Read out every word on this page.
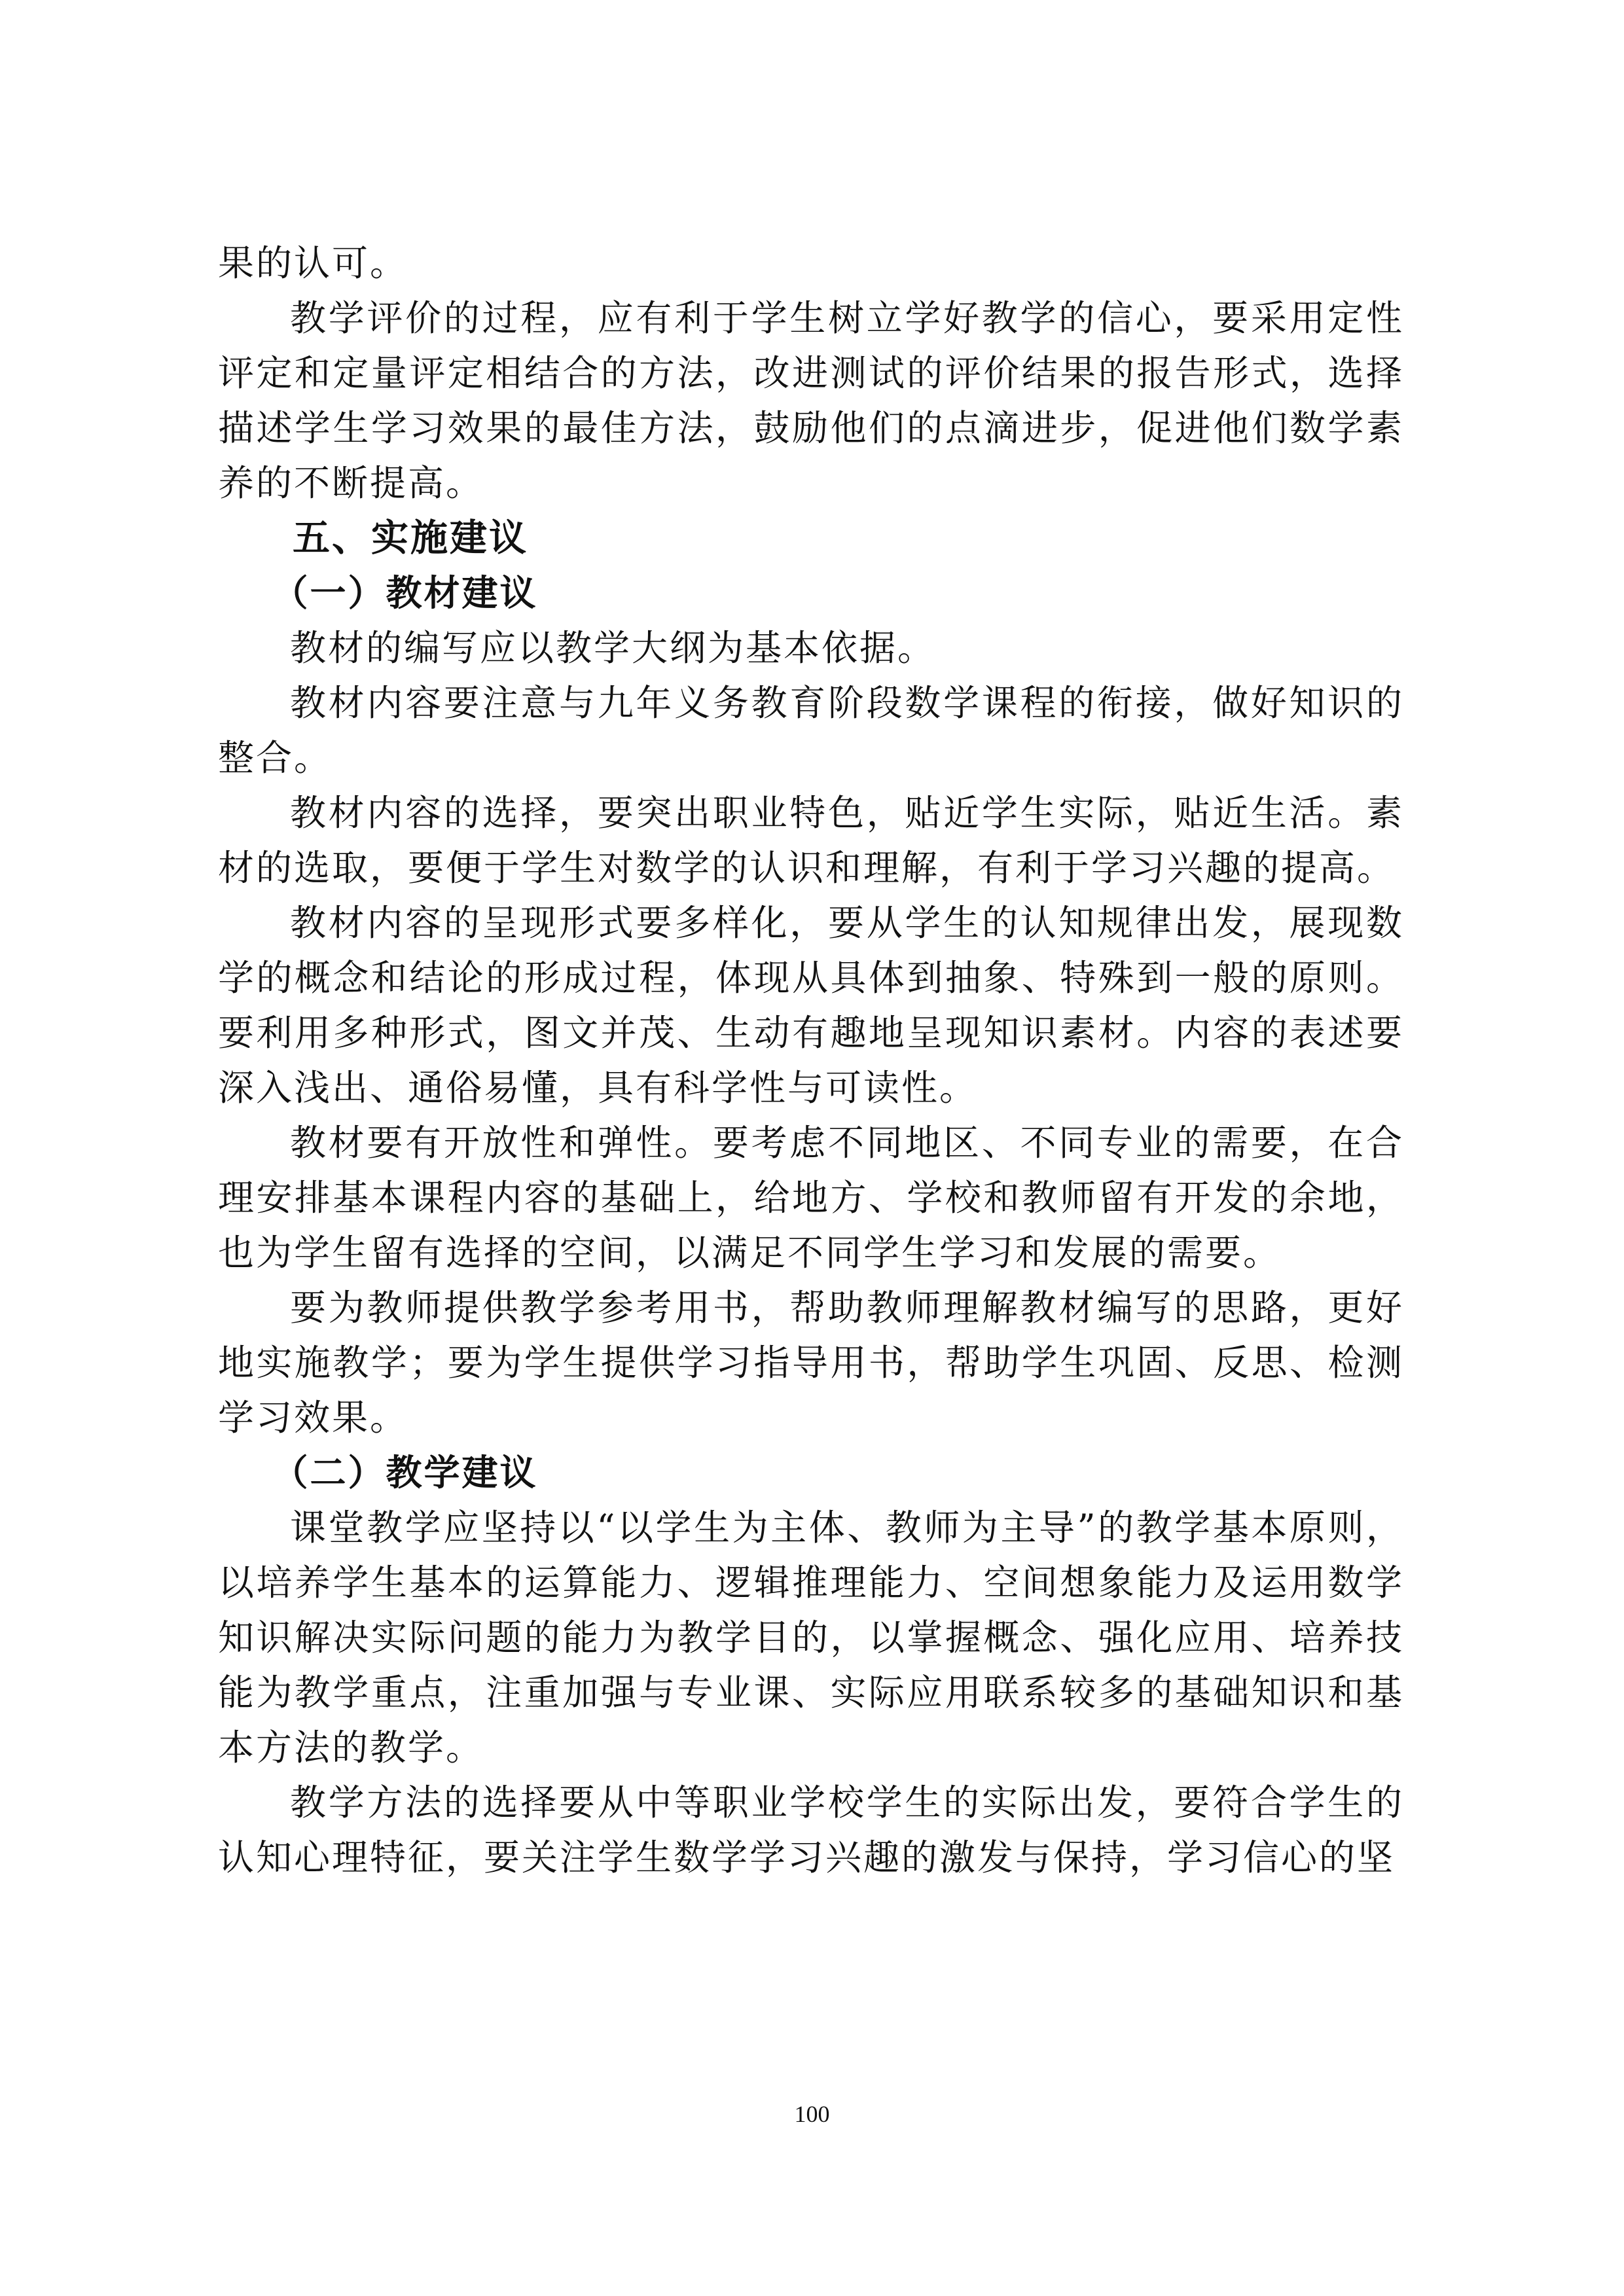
果的认可。

教学评价的过程，应有利于学生树立学好教学的信心，要采用定性评定和定量评定相结合的方法，改进测试的评价结果的报告形式，选择描述学生学习效果的最佳方法，鼓励他们的点滴进步，促进他们数学素养的不断提高。

五、实施建议
（一）教材建议

教材的编写应以教学大纲为基本依据。

教材内容要注意与九年义务教育阶段数学课程的衔接，做好知识的整合。

教材内容的选择，要突出职业特色，贴近学生实际，贴近生活。素材的选取，要便于学生对数学的认识和理解，有利于学习兴趣的提高。

教材内容的呈现形式要多样化，要从学生的认知规律出发，展现数学的概念和结论的形成过程，体现从具体到抽象、特殊到一般的原则。要利用多种形式，图文并茂、生动有趣地呈现知识素材。内容的表述要深入浅出、通俗易懂，具有科学性与可读性。

教材要有开放性和弹性。要考虑不同地区、不同专业的需要，在合理安排基本课程内容的基础上，给地方、学校和教师留有开发的余地，也为学生留有选择的空间，以满足不同学生学习和发展的需要。

要为教师提供教学参考用书，帮助教师理解教材编写的思路，更好地实施教学；要为学生提供学习指导用书，帮助学生巩固、反思、检测学习效果。

（二）教学建议

课堂教学应坚持以“以学生为主体、教师为主导”的教学基本原则，以培养学生基本的运算能力、逻辑推理能力、空间想象能力及运用数学知识解决实际问题的能力为教学目的，以掌握概念、强化应用、培养技能为教学重点，注重加强与专业课、实际应用联系较多的基础知识和基本方法的教学。

教学方法的选择要从中等职业学校学生的实际出发，要符合学生的认知心理特征，要关注学生数学学习兴趣的激发与保持，学习信心的坚

100
